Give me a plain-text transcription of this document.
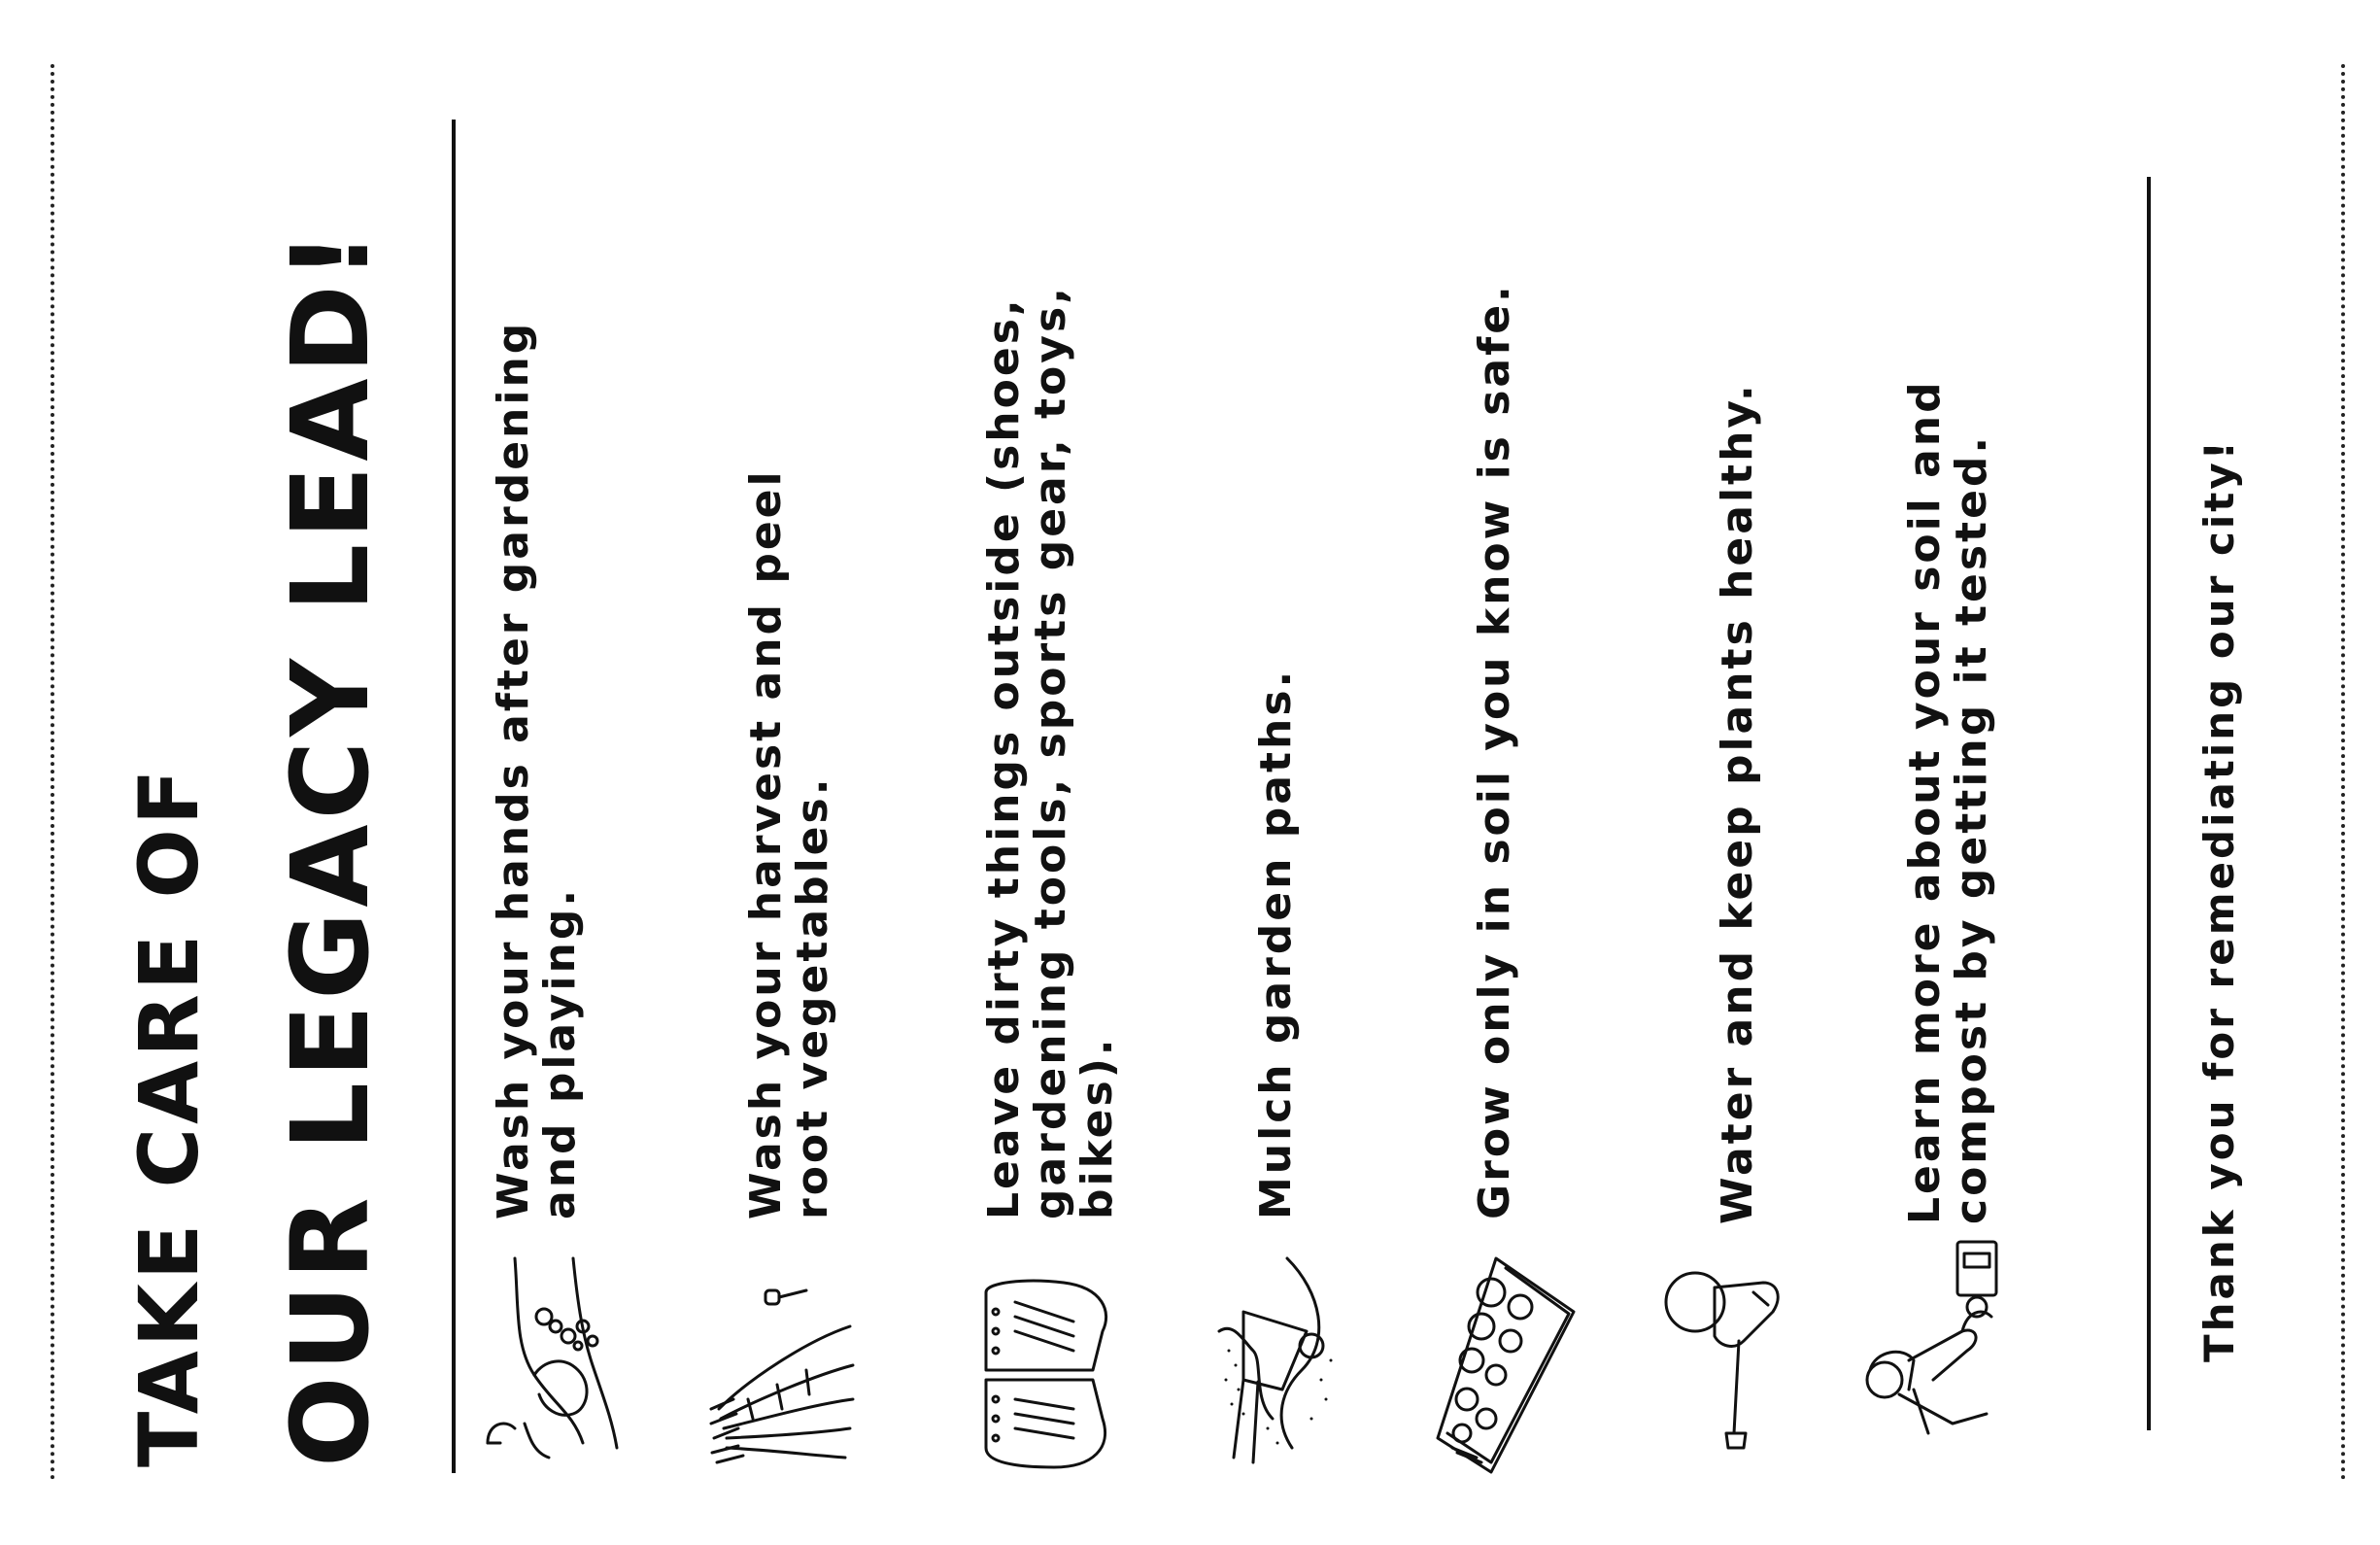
TAKE CARE OF OUR LEGACY LEAD! Wash your hands after gardening
and playing.	Wash your harvest and peel
root vegetables.	Leave dirty things outside (shoes,
gardening tools, sports gear, toys,
bikes).	Mulch garden paths.	Grow only in soil you know is safe.	Water and keep plants healthy.	Learn more about your soil and
compost by getting it tested.	Thank you for remediating our city!
